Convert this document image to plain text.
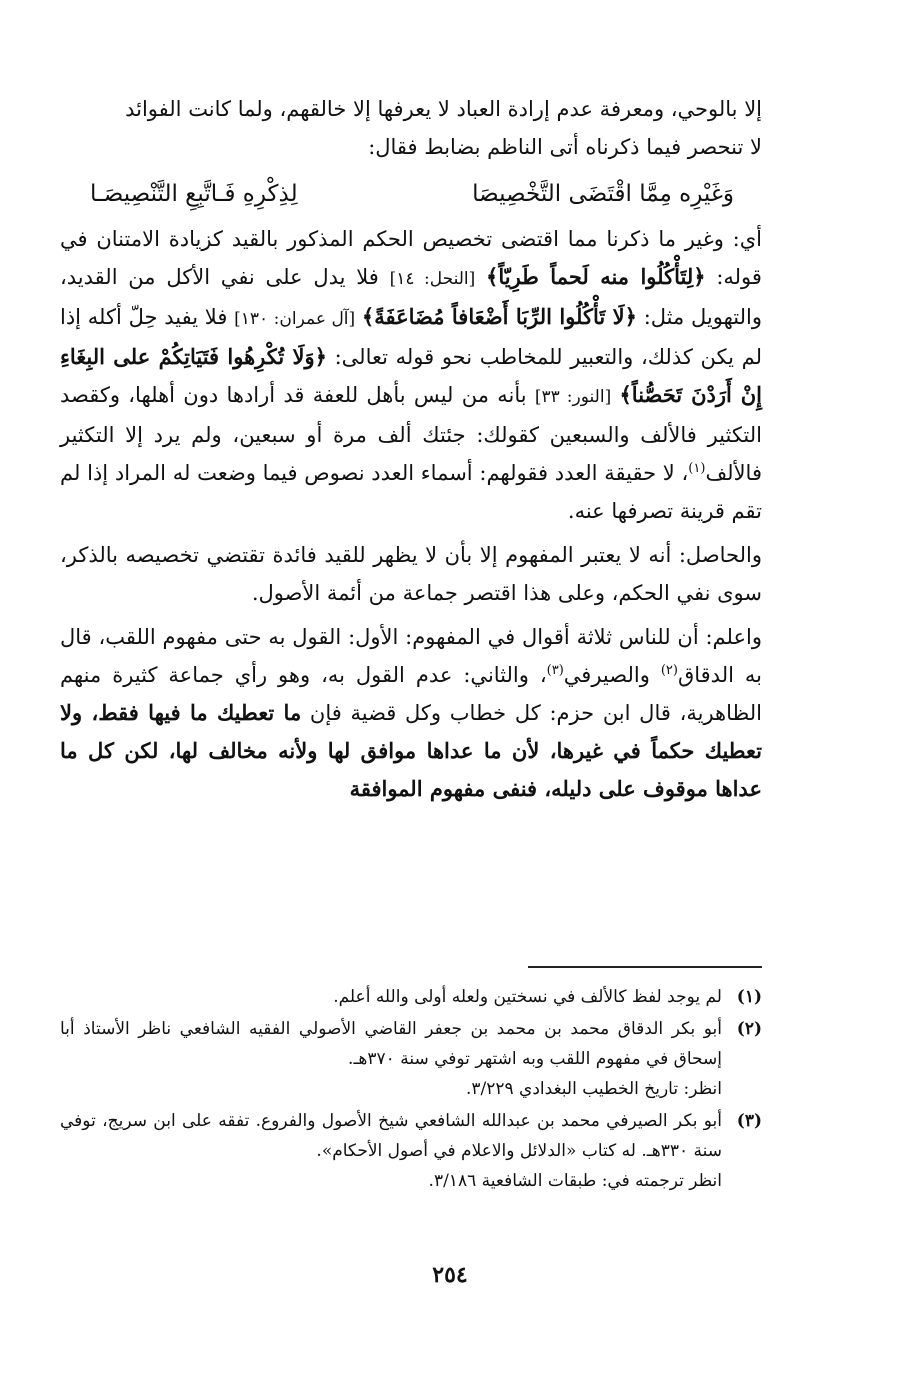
إلا بالوحي، ومعرفة عدم إرادة العباد لا يعرفها إلا خالقهم، ولما كانت الفوائد
لا تنحصر فيما ذكرناه أتى الناظم بضابط فقال:

وَغَيْرِه مِمَّا اقْتَضَى التَّخْصِيصَا
لِذِكْرِهِ فَـاتَّبِعِ التَّنْصِيصَـا

أي: وغير ما ذكرنا مما اقتضى تخصيص الحكم المذكور بالقيد كزيادة الامتنان في قوله: ﴿لِتَأْكُلُوا منه لَحماً طَرِيّاً﴾ [النحل: ١٤] فلا يدل على نفي الأكل من القديد، والتهويل مثل: ﴿لَا تَأْكُلُوا الرِّبَا أَضْعَافاً مُضَاعَفَةً﴾ [آل عمران: ١٣٠] فلا يفيد حِلّ أكله إذا لم يكن كذلك، والتعبير للمخاطب نحو قوله تعالى: ﴿وَلَا تُكْرِهُوا فَتَيَاتِكُمْ على البِغَاءِ إِنْ أَرَدْنَ تَحَصُّناً﴾ [النور: ٣٣] بأنه من ليس بأهل للعفة قد أرادها دون أهلها، وكقصد التكثير فالألف والسبعين كقولك: جئتك ألف مرة أو سبعين، ولم يرد إلا التكثير فالألف$^{(١)}$، لا حقيقة العدد فقولهم: أسماء العدد نصوص فيما وضعت له المراد إذا لم تقم قرينة تصرفها عنه.

والحاصل: أنه لا يعتبر المفهوم إلا بأن لا يظهر للقيد فائدة تقتضي تخصيصه بالذكر، سوى نفي الحكم، وعلى هذا اقتصر جماعة من أئمة الأصول.

واعلم: أن للناس ثلاثة أقوال في المفهوم: الأول: القول به حتى مفهوم اللقب، قال به الدقاق$^{(٢)}$ والصيرفي$^{(٣)}$، والثاني: عدم القول به، وهو رأي جماعة كثيرة منهم الظاهرية، قال ابن حزم: كل خطاب وكل قضية فإن ما تعطيك ما فيها فقط، ولا تعطيك حكماً في غيرها، لأن ما عداها موافق لها ولأنه مخالف لها، لكن كل ما عداها موقوف على دليله، فنفى مفهوم الموافقة

(١)
لم يوجد لفظ كالألف في نسختين ولعله أولى والله أعلم.
(٢)
أبو بكر الدقاق محمد بن محمد بن جعفر القاضي الأصولي الفقيه الشافعي ناظر الأستاذ أبا إسحاق في مفهوم اللقب وبه اشتهر توفي سنة ٣٧٠هـ.
انظر: تاريخ الخطيب البغدادي ٣/٢٢٩.
(٣)
أبو بكر الصيرفي محمد بن عبدالله الشافعي شيخ الأصول والفروع. تفقه على ابن سريج، توفي سنة ٣٣٠هـ. له كتاب «الدلائل والاعلام في أصول الأحكام».
انظر ترجمته في: طبقات الشافعية ٣/١٨٦.
٢٥٤
